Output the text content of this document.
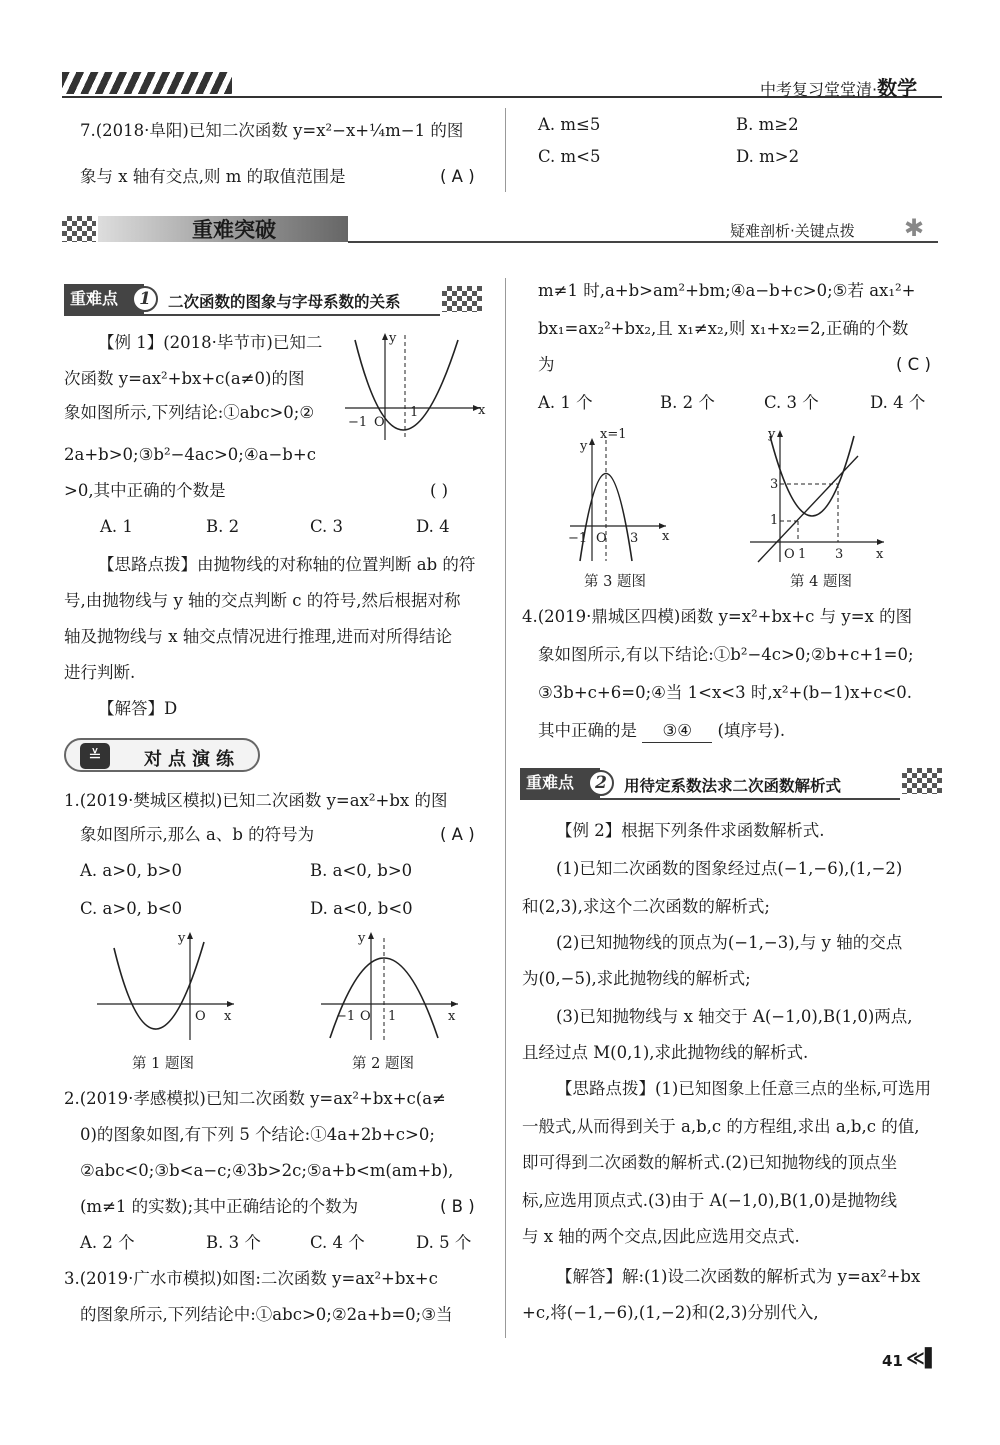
中考复习堂堂清·数学
7.(2018·阜阳)已知二次函数 y=x²−x+¼m−1 的图
象与 x 轴有交点,则 m 的取值范围是	( A )
A. m≤5	B. m≥2
C. m<5	D. m>2
重难突破	疑难剖析·关键点拨 ✱
重难点	1	二次函数的图象与字母系数的关系
【例 1】(2018·毕节市)已知二
次函数 y=ax²+bx+c(a≠0)的图
象如图所示,下列结论:①abc>0;②
2a+b>0;③b²−4ac>0;④a−b+c
>0,其中正确的个数是	( )
A. 1	B. 2	C. 3	D. 4
x
y
O
−1
1
【思路点拨】由抛物线的对称轴的位置判断 ab 的符
号,由抛物线与 y 轴的交点判断 c 的符号,然后根据对称
轴及抛物线与 x 轴交点情况进行推理,进而对所得结论
进行判断.
【解答】D
≚	对点演练
1.(2019·樊城区模拟)已知二次函数 y=ax²+bx 的图
象如图所示,那么 a、b 的符号为	( A )
A. a>0, b>0	B. a<0, b>0
C. a>0, b<0	D. a<0, b<0
x
y
O
第 1 题图
x
y
O
−1	1
第 2 题图
2.(2019·孝感模拟)已知二次函数 y=ax²+bx+c(a≠
0)的图象如图,有下列 5 个结论:①4a+2b+c>0;
②abc<0;③b<a−c;④3b>2c;⑤a+b<m(am+b),
(m≠1 的实数);其中正确结论的个数为	( B )
A. 2 个	B. 3 个	C. 4 个	D. 5 个
3.(2019·广水市模拟)如图:二次函数 y=ax²+bx+c
的图象所示,下列结论中:①abc>0;②2a+b=0;③当
m≠1 时,a+b>am²+bm;④a−b+c>0;⑤若 ax₁²+
bx₁=ax₂²+bx₂,且 x₁≠x₂,则 x₁+x₂=2,正确的个数
为	( C )
A. 1 个	B. 2 个	C. 3 个	D. 4 个
x
y
x=1
O
−1	3
第 3 题图
x
y
3
1
O 1 3
第 4 题图
4.(2019·鼎城区四模)函数 y=x²+bx+c 与 y=x 的图
象如图所示,有以下结论:①b²−4c>0;②b+c+1=0;
③3b+c+6=0;④当 1<x<3 时,x²+(b−1)x+c<0.
其中正确的是 ③④ (填序号).
重难点	2	用待定系数法求二次函数解析式
【例 2】根据下列条件求函数解析式.
(1)已知二次函数的图象经过点(−1,−6),(1,−2)
和(2,3),求这个二次函数的解析式;
(2)已知抛物线的顶点为(−1,−3),与 y 轴的交点
为(0,−5),求此抛物线的解析式;
(3)已知抛物线与 x 轴交于 A(−1,0),B(1,0)两点,
且经过点 M(0,1),求此抛物线的解析式.
【思路点拨】(1)已知图象上任意三点的坐标,可选用
一般式,从而得到关于 a,b,c 的方程组,求出 a,b,c 的值,
即可得到二次函数的解析式.(2)已知抛物线的顶点坐
标,应选用顶点式.(3)由于 A(−1,0),B(1,0)是抛物线
与 x 轴的两个交点,因此应选用交点式.
【解答】解:(1)设二次函数的解析式为 y=ax²+bx
+c,将(−1,−6),(1,−2)和(2,3)分别代入,
41 ≪▌
